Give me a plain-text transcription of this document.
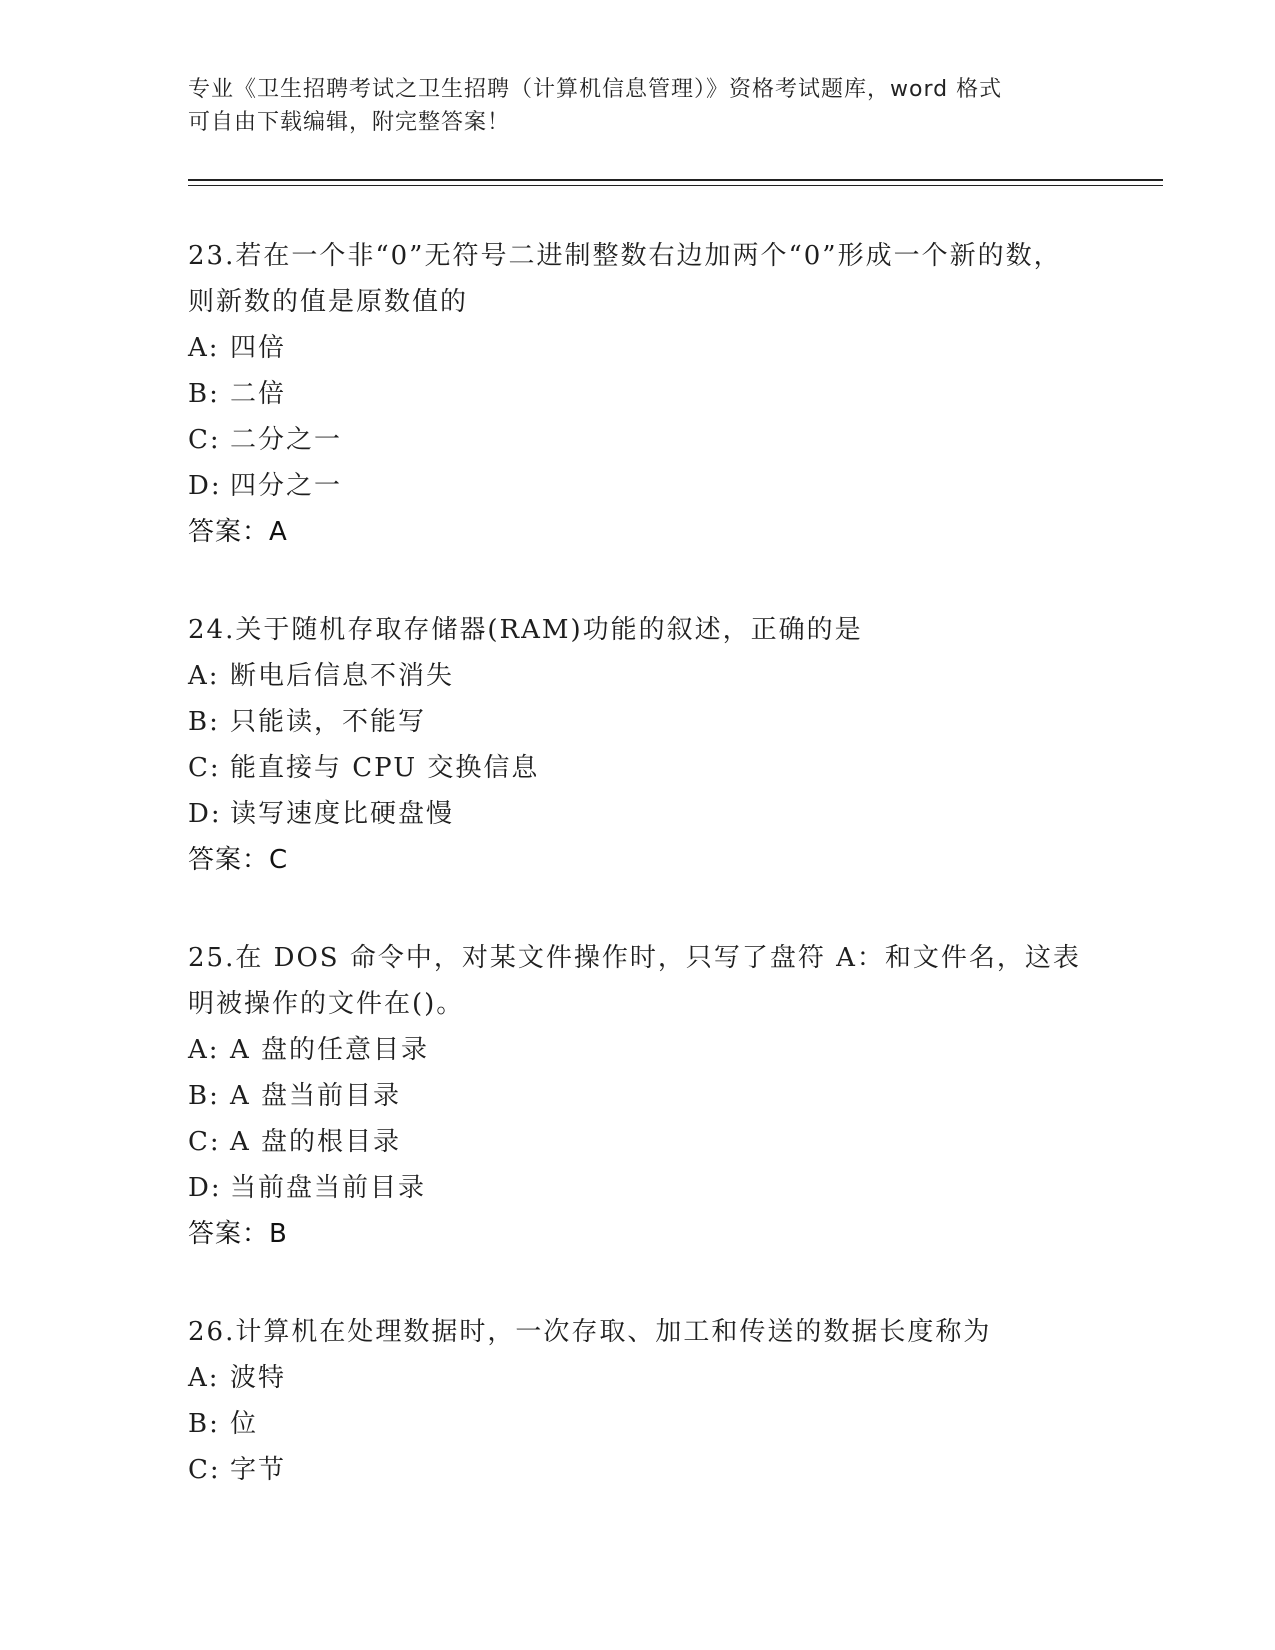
专业《卫生招聘考试之卫生招聘（计算机信息管理）》资格考试题库，word 格式
可自由下载编辑，附完整答案！
23.若在一个非“0”无符号二进制整数右边加两个“0”形成一个新的数，则新数的值是原数值的
A: 四倍
B: 二倍
C: 二分之一
D: 四分之一
答案：A
24.关于随机存取存储器(RAM)功能的叙述，正确的是
A: 断电后信息不消失
B: 只能读，不能写
C: 能直接与 CPU 交换信息
D: 读写速度比硬盘慢
答案：C
25.在 DOS 命令中，对某文件操作时，只写了盘符 A：和文件名，这表明被操作的文件在()。
A: A 盘的任意目录
B: A 盘当前目录
C: A 盘的根目录
D: 当前盘当前目录
答案：B
26.计算机在处理数据时，一次存取、加工和传送的数据长度称为
A: 波特
B: 位
C: 字节
